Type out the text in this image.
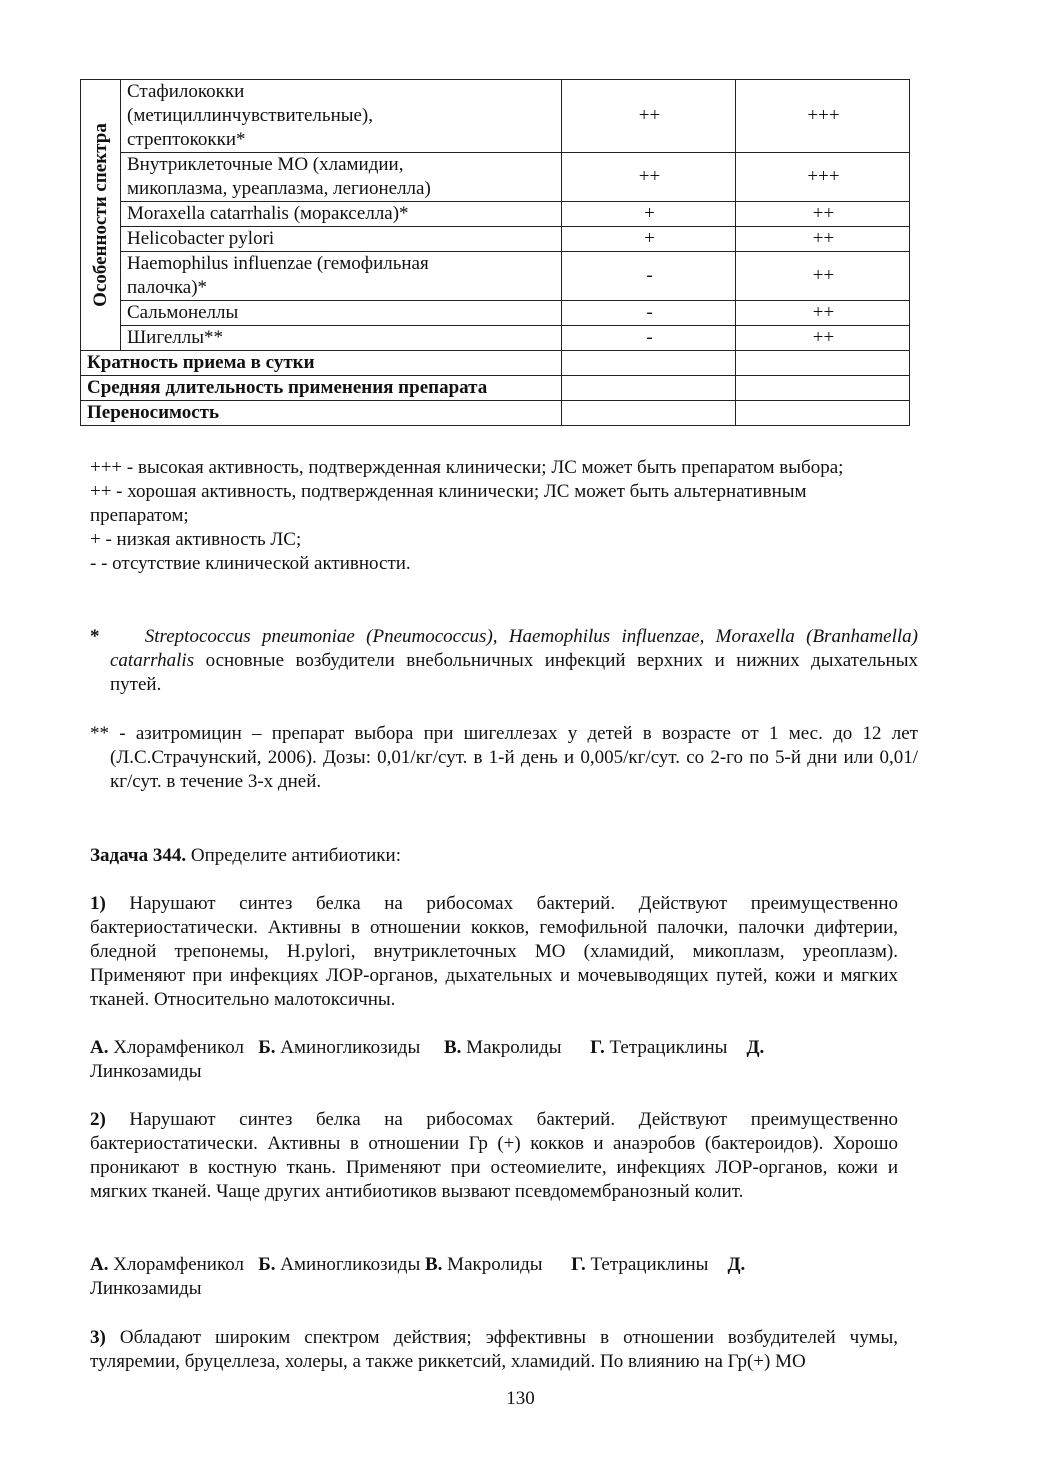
Особенности спектра	Стафилококки
(метициллинчувствительные),
стрептококки*	++	+++

	Внутриклеточные МО (хламидии,
микоплазма, уреаплазма, легионелла)	++	+++

	Moraxella catarrhalis (моракселла)*	+	++

	Helicobacter pylori	+	++

	Haemophilus influenzae (гемофильная
палочка)*	-	++

	Сальмонеллы	-	++

	Шигеллы**	-	++
Кратность приема в сутки			
Средняя длительность применения препарата			
Переносимость			
+++ - высокая активность, подтвержденная клинически; ЛС может быть препаратом выбора;
++ - хорошая активность, подтвержденная клинически; ЛС может быть альтернативным препаратом;
+ - низкая активность ЛС;
- - отсутствие клинической активности.
* Streptococcus pneumoniae (Pneumococcus), Haemophilus influenzae, Moraxella (Branhamella) catarrhalis основные возбудители внебольничных инфекций верхних и нижних дыхательных путей.
** - азитромицин – препарат выбора при шигеллезах у детей в возрасте от 1 мес. до 12 лет (Л.С.Страчунский, 2006). Дозы: 0,01/кг/сут. в 1-й день и 0,005/кг/сут. со 2-го по 5-й дни или 0,01/кг/сут. в течение 3-х дней.
Задача 344. Определите антибиотики:
1) Нарушают синтез белка на рибосомах бактерий. Действуют преимущественно бактериостатически. Активны в отношении кокков, гемофильной палочки, палочки дифтерии, бледной трепонемы, H.pylori, внутриклеточных МО (хламидий, микоплазм, уреоплазм). Применяют при инфекциях ЛОР-органов, дыхательных и мочевыводящих путей, кожи и мягких тканей. Относительно малотоксичны.
А. Хлорамфеникол   Б. Аминогликозиды     В. Макролиды      Г. Тетрациклины    Д.
Линкозамиды
2) Нарушают синтез белка на рибосомах бактерий. Действуют преимущественно бактериостатически. Активны в отношении Гр (+) кокков и анаэробов (бактероидов). Хорошо проникают в костную ткань. Применяют при остеомиелите, инфекциях ЛОР-органов, кожи и мягких тканей. Чаще других антибиотиков вызвают псевдомембранозный колит.
А. Хлорамфеникол   Б. Аминогликозиды В. Макролиды      Г. Тетрациклины    Д.
Линкозамиды
3) Обладают широким спектром действия; эффективны в отношении возбудителей чумы, туляремии, бруцеллеза, холеры, а также риккетсий, хламидий. По влиянию на Гр(+) МО
130
